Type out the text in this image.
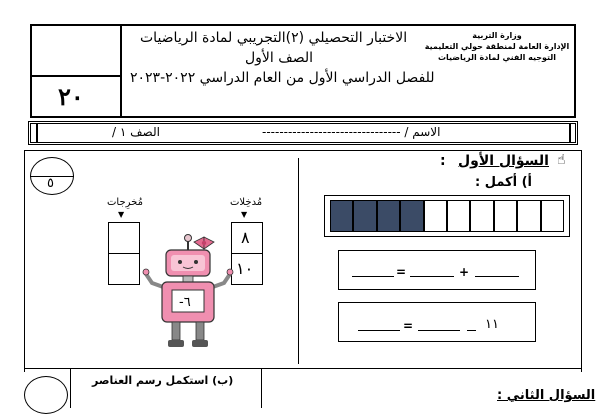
٢٠
الاختبار التحصيلي (٢)التجريبي لمادة الرياضيات
الصف الأول
للفصل الدراسي الأول من العام الدراسي ٢٠٢٢-٢٠٢٣
وزارة التربية
الإدارة العامة لمنطقة حولي التعليمية
التوجيه الفني لمادة الرياضيات
الاسم / --------------------------------
الصف ١ /
٥
☝
السؤال الأول
:
أ) أكمل :
+
=
١١
=
مُدخِلات
مُخرِجات
▼
▼
٨
١٠
٦-
(ب) استكمل رسم العناصر
السؤال الثاني :
